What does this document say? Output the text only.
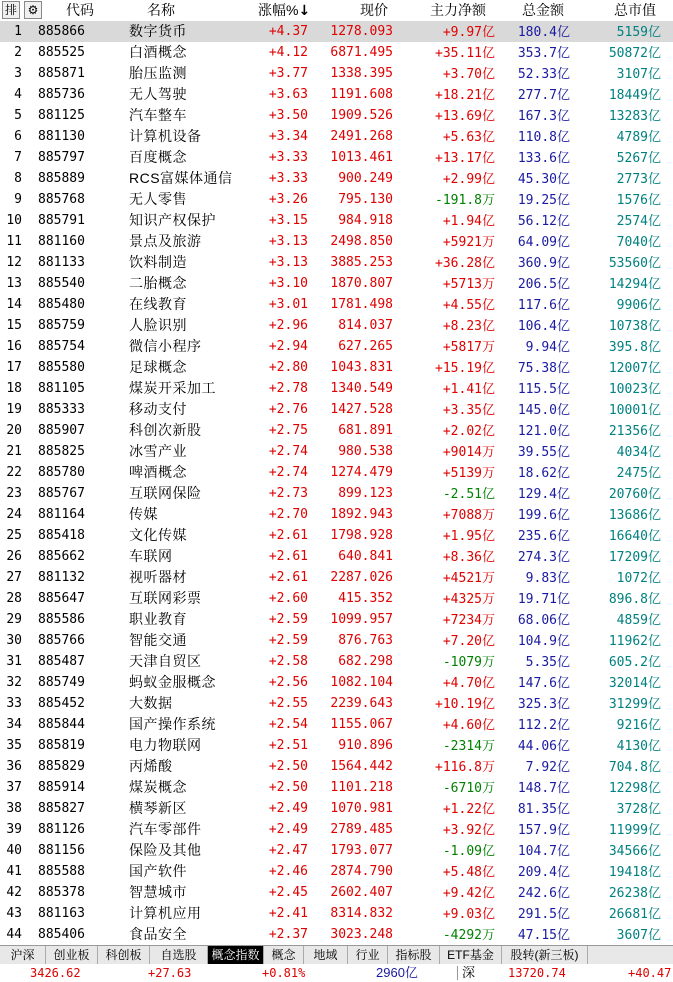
排 ⚙ 代码	名称	涨幅%↓	现价	主力净额	总金额	总市值
1 885866	数字货币	+4.37	1278.093	+9.97亿	180.4亿	5159亿
2 885525	白酒概念	+4.12	6871.495	+35.11亿	353.7亿	50872亿
3 885871	胎压监测	+3.77	1338.395	+3.70亿	52.33亿	3107亿
4 885736	无人驾驶	+3.63	1191.608	+18.21亿	277.7亿	18449亿
5 881125	汽车整车	+3.50	1909.526	+13.69亿	167.3亿	13283亿
6 881130	计算机设备	+3.34	2491.268	+5.63亿	110.8亿	4789亿
7 885797	百度概念	+3.33	1013.461	+13.17亿	133.6亿	5267亿
8 885889	RCS富媒体通信	+3.33	900.249	+2.99亿	45.30亿	2773亿
9 885768	无人零售	+3.26	795.130	-191.8万	19.25亿	1576亿
10 885791	知识产权保护	+3.15	984.918	+1.94亿	56.12亿	2574亿
11 881160	景点及旅游	+3.13	2498.850	+5921万	64.09亿	7040亿
12 881133	饮料制造	+3.13	3885.253	+36.28亿	360.9亿	53560亿
13 885540	二胎概念	+3.10	1870.807	+5713万	206.5亿	14294亿
14 885480	在线教育	+3.01	1781.498	+4.55亿	117.6亿	9906亿
15 885759	人脸识别	+2.96	814.037	+8.23亿	106.4亿	10738亿
16 885754	微信小程序	+2.94	627.265	+5817万	9.94亿	395.8亿
17 885580	足球概念	+2.80	1043.831	+15.19亿	75.38亿	12007亿
18 881105	煤炭开采加工	+2.78	1340.549	+1.41亿	115.5亿	10023亿
19 885333	移动支付	+2.76	1427.528	+3.35亿	145.0亿	10001亿
20 885907	科创次新股	+2.75	681.891	+2.02亿	121.0亿	21356亿
21 885825	冰雪产业	+2.74	980.538	+9014万	39.55亿	4034亿
22 885780	啤酒概念	+2.74	1274.479	+5139万	18.62亿	2475亿
23 885767	互联网保险	+2.73	899.123	-2.51亿	129.4亿	20760亿
24 881164	传媒	+2.70	1892.943	+7088万	199.6亿	13686亿
25 885418	文化传媒	+2.61	1798.928	+1.95亿	235.6亿	16640亿
26 885662	车联网	+2.61	640.841	+8.36亿	274.3亿	17209亿
27 881132	视听器材	+2.61	2287.026	+4521万	9.83亿	1072亿
28 885647	互联网彩票	+2.60	415.352	+4325万	19.71亿	896.8亿
29 885586	职业教育	+2.59	1099.957	+7234万	68.06亿	4859亿
30 885766	智能交通	+2.59	876.763	+7.20亿	104.9亿	11962亿
31 885487	天津自贸区	+2.58	682.298	-1079万	5.35亿	605.2亿
32 885749	蚂蚁金服概念	+2.56	1082.104	+4.70亿	147.6亿	32014亿
33 885452	大数据	+2.55	2239.643	+10.19亿	325.3亿	31299亿
34 885844	国产操作系统	+2.54	1155.067	+4.60亿	112.2亿	9216亿
35 885819	电力物联网	+2.51	910.896	-2314万	44.06亿	4130亿
36 885829	丙烯酸	+2.50	1564.442	+116.8万	7.92亿	704.8亿
37 885914	煤炭概念	+2.50	1101.218	-6710万	148.7亿	12298亿
38 885827	横琴新区	+2.49	1070.981	+1.22亿	81.35亿	3728亿
39 881126	汽车零部件	+2.49	2789.485	+3.92亿	157.9亿	11999亿
40 881156	保险及其他	+2.47	1793.077	-1.09亿	104.7亿	34566亿
41 885588	国产软件	+2.46	2874.790	+5.48亿	209.4亿	19418亿
42 885378	智慧城市	+2.45	2602.407	+9.42亿	242.6亿	26238亿
43 881163	计算机应用	+2.41	8314.832	+9.03亿	291.5亿	26681亿
44 885406	食品安全	+2.37	3023.248	-4292万	47.15亿	3607亿
沪深	创业板	科创板	自选股	概念指数 概念	地域	行业	指标股	ETF基金	股转(新三板)
3426.62	+27.63	+0.81%	2960亿	深	13720.74	+40.47
